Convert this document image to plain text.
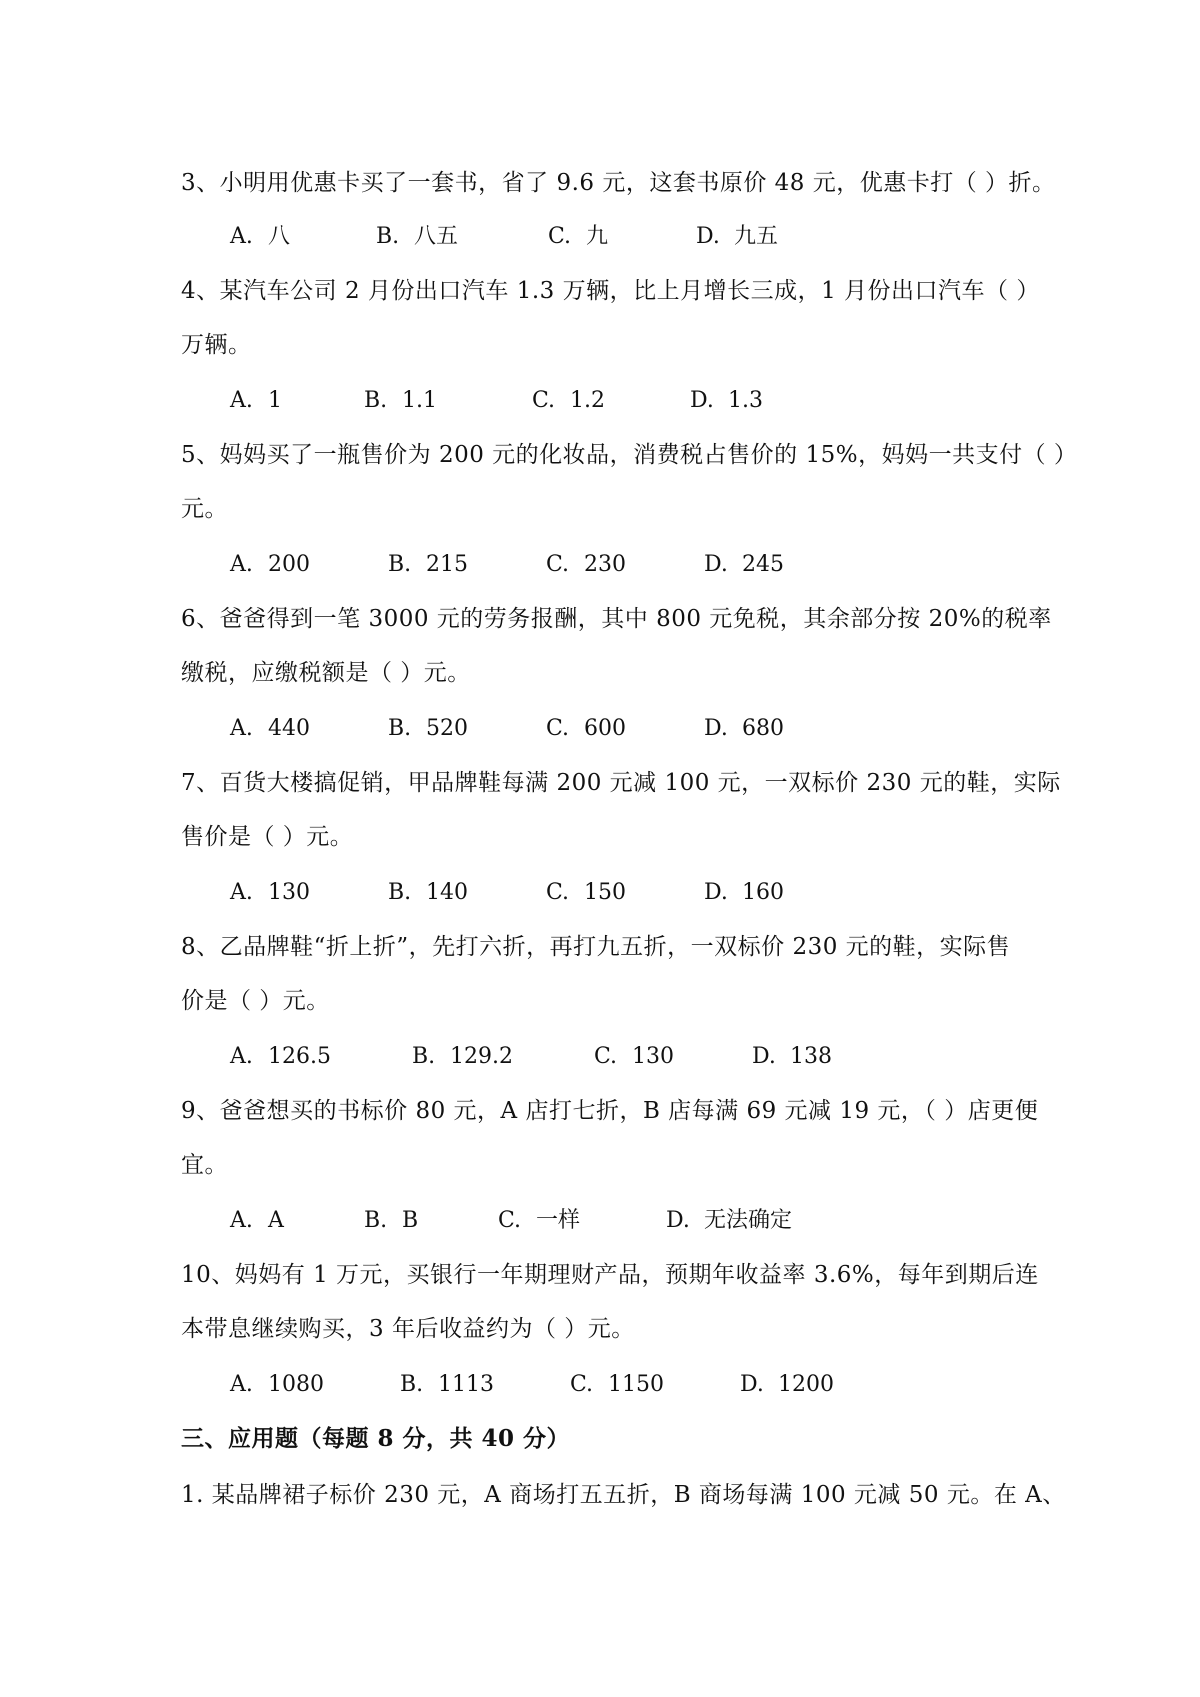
3、小明用优惠卡买了一套书，省了 9.6 元，这套书原价 48 元，优惠卡打（ ）折。
A. 八	B. 八五	C. 九	D. 九五
4、某汽车公司 2 月份出口汽车 1.3 万辆，比上月增长三成，1 月份出口汽车（ ）
万辆。
A. 1	B. 1.1	C. 1.2	D. 1.3
5、妈妈买了一瓶售价为 200 元的化妆品，消费税占售价的 15%，妈妈一共支付（ ）
元。
A. 200	B. 215	C. 230	D. 245
6、爸爸得到一笔 3000 元的劳务报酬，其中 800 元免税，其余部分按 20%的税率
缴税，应缴税额是（ ）元。
A. 440	B. 520	C. 600	D. 680
7、百货大楼搞促销，甲品牌鞋每满 200 元减 100 元，一双标价 230 元的鞋，实际
售价是（ ）元。
A. 130	B. 140	C. 150	D. 160
8、乙品牌鞋“折上折”，先打六折，再打九五折，一双标价 230 元的鞋，实际售
价是（ ）元。
A. 126.5	B. 129.2	C. 130	D. 138
9、爸爸想买的书标价 80 元，A 店打七折，B 店每满 69 元减 19 元，（ ）店更便
宜。
A. A	B. B	C. 一样	D. 无法确定
10、妈妈有 1 万元，买银行一年期理财产品，预期年收益率 3.6%，每年到期后连
本带息继续购买，3 年后收益约为（ ）元。
A. 1080	B. 1113	C. 1150	D. 1200
三、应用题（每题 8 分，共 40 分）
1. 某品牌裙子标价 230 元，A 商场打五五折，B 商场每满 100 元减 50 元。在 A、
